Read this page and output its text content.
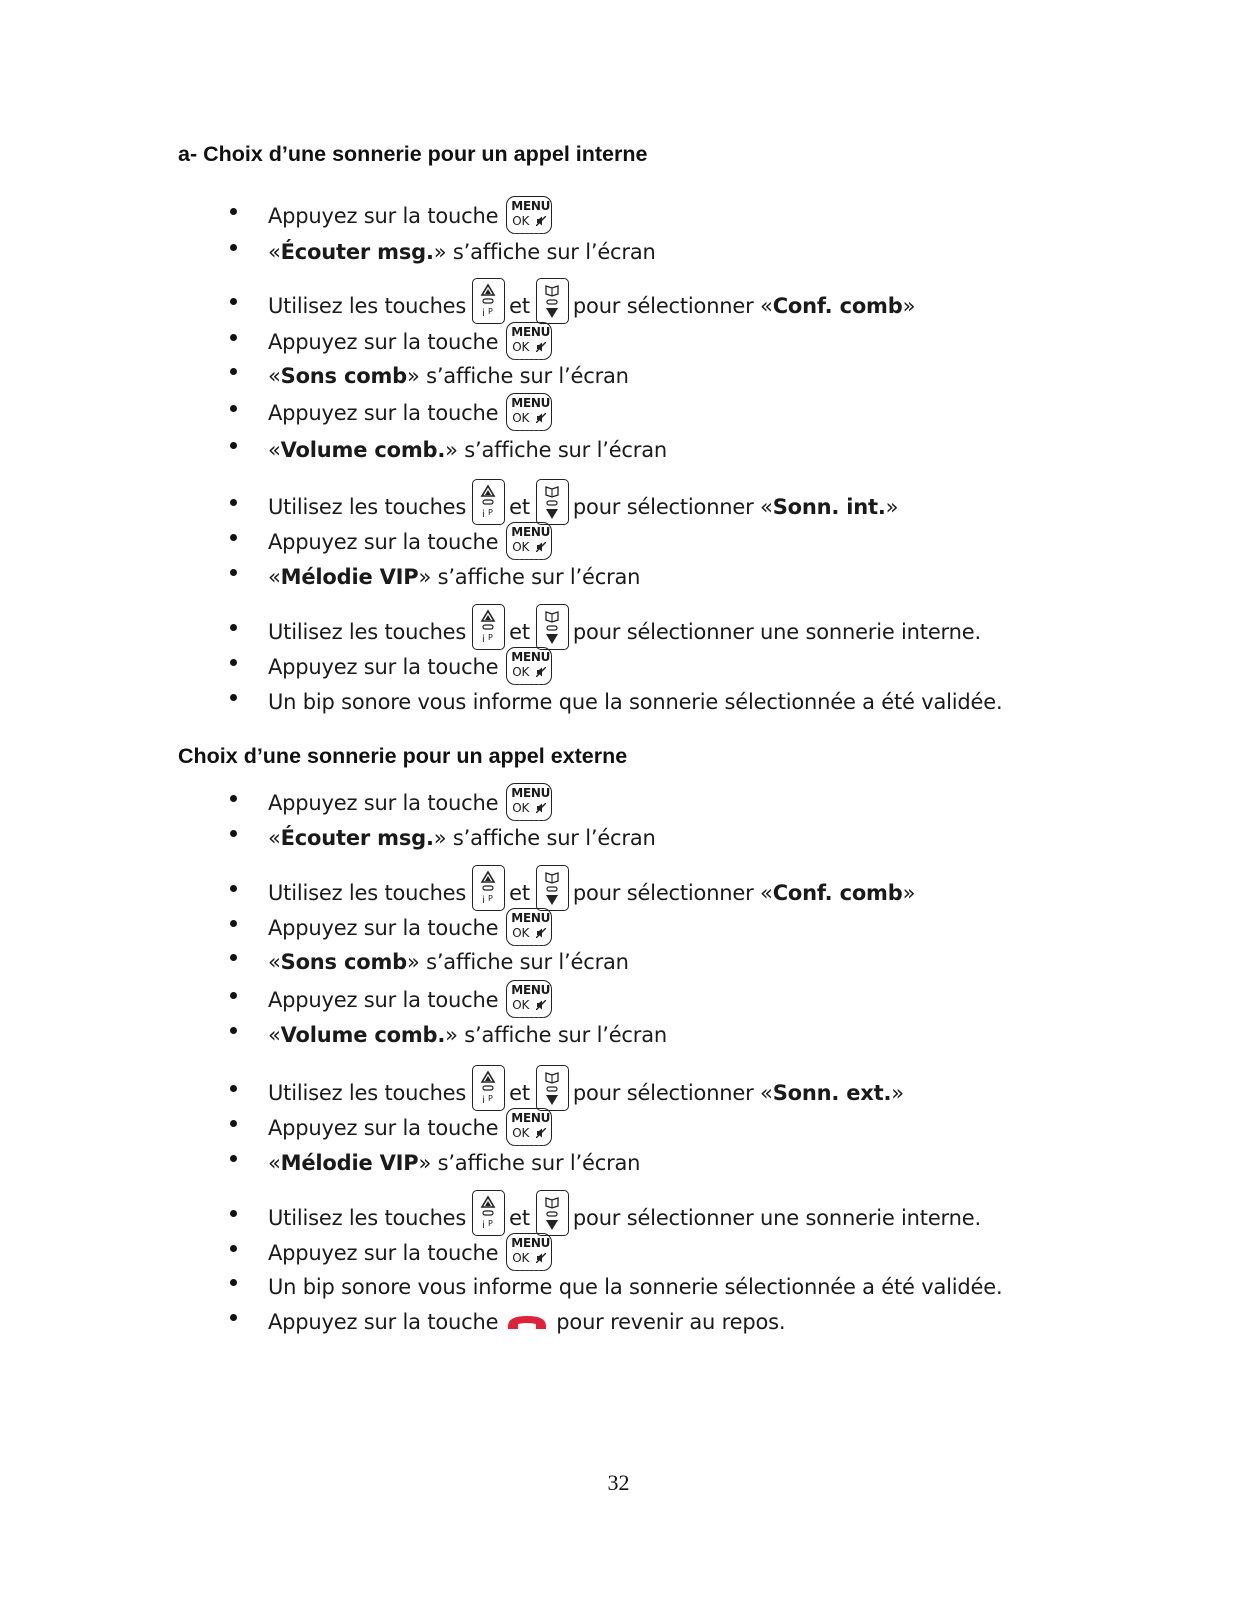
a- Choix d’une sonnerie pour un appel interne
Appuyez sur la touche MENU
OK
« Écouter msg. » s’affiche sur l’écran
Utilisez les touches i P et pour sélectionner « Conf. comb »
Appuyez sur la touche MENU
OK
« Sons comb » s’affiche sur l’écran
Appuyez sur la touche MENU
OK
« Volume comb. » s’affiche sur l’écran
Utilisez les touches i P et pour sélectionner « Sonn. int. »
Appuyez sur la touche MENU
OK
« Mélodie VIP » s’affiche sur l’écran
Utilisez les touches i P et pour sélectionner une sonnerie interne.
Appuyez sur la touche MENU
OK
Un bip sonore vous informe que la sonnerie sélectionnée a été validée.
Choix d’une sonnerie pour un appel externe
Appuyez sur la touche MENU
OK
« Écouter msg. » s’affiche sur l’écran
Utilisez les touches i P et pour sélectionner « Conf. comb »
Appuyez sur la touche MENU
OK
« Sons comb » s’affiche sur l’écran
Appuyez sur la touche MENU
OK
« Volume comb. » s’affiche sur l’écran
Utilisez les touches i P et pour sélectionner « Sonn. ext. »
Appuyez sur la touche MENU
OK
« Mélodie VIP » s’affiche sur l’écran
Utilisez les touches i P et pour sélectionner une sonnerie interne.
Appuyez sur la touche MENU
OK
Un bip sonore vous informe que la sonnerie sélectionnée a été validée.
Appuyez sur la touche	pour revenir au repos.
32
